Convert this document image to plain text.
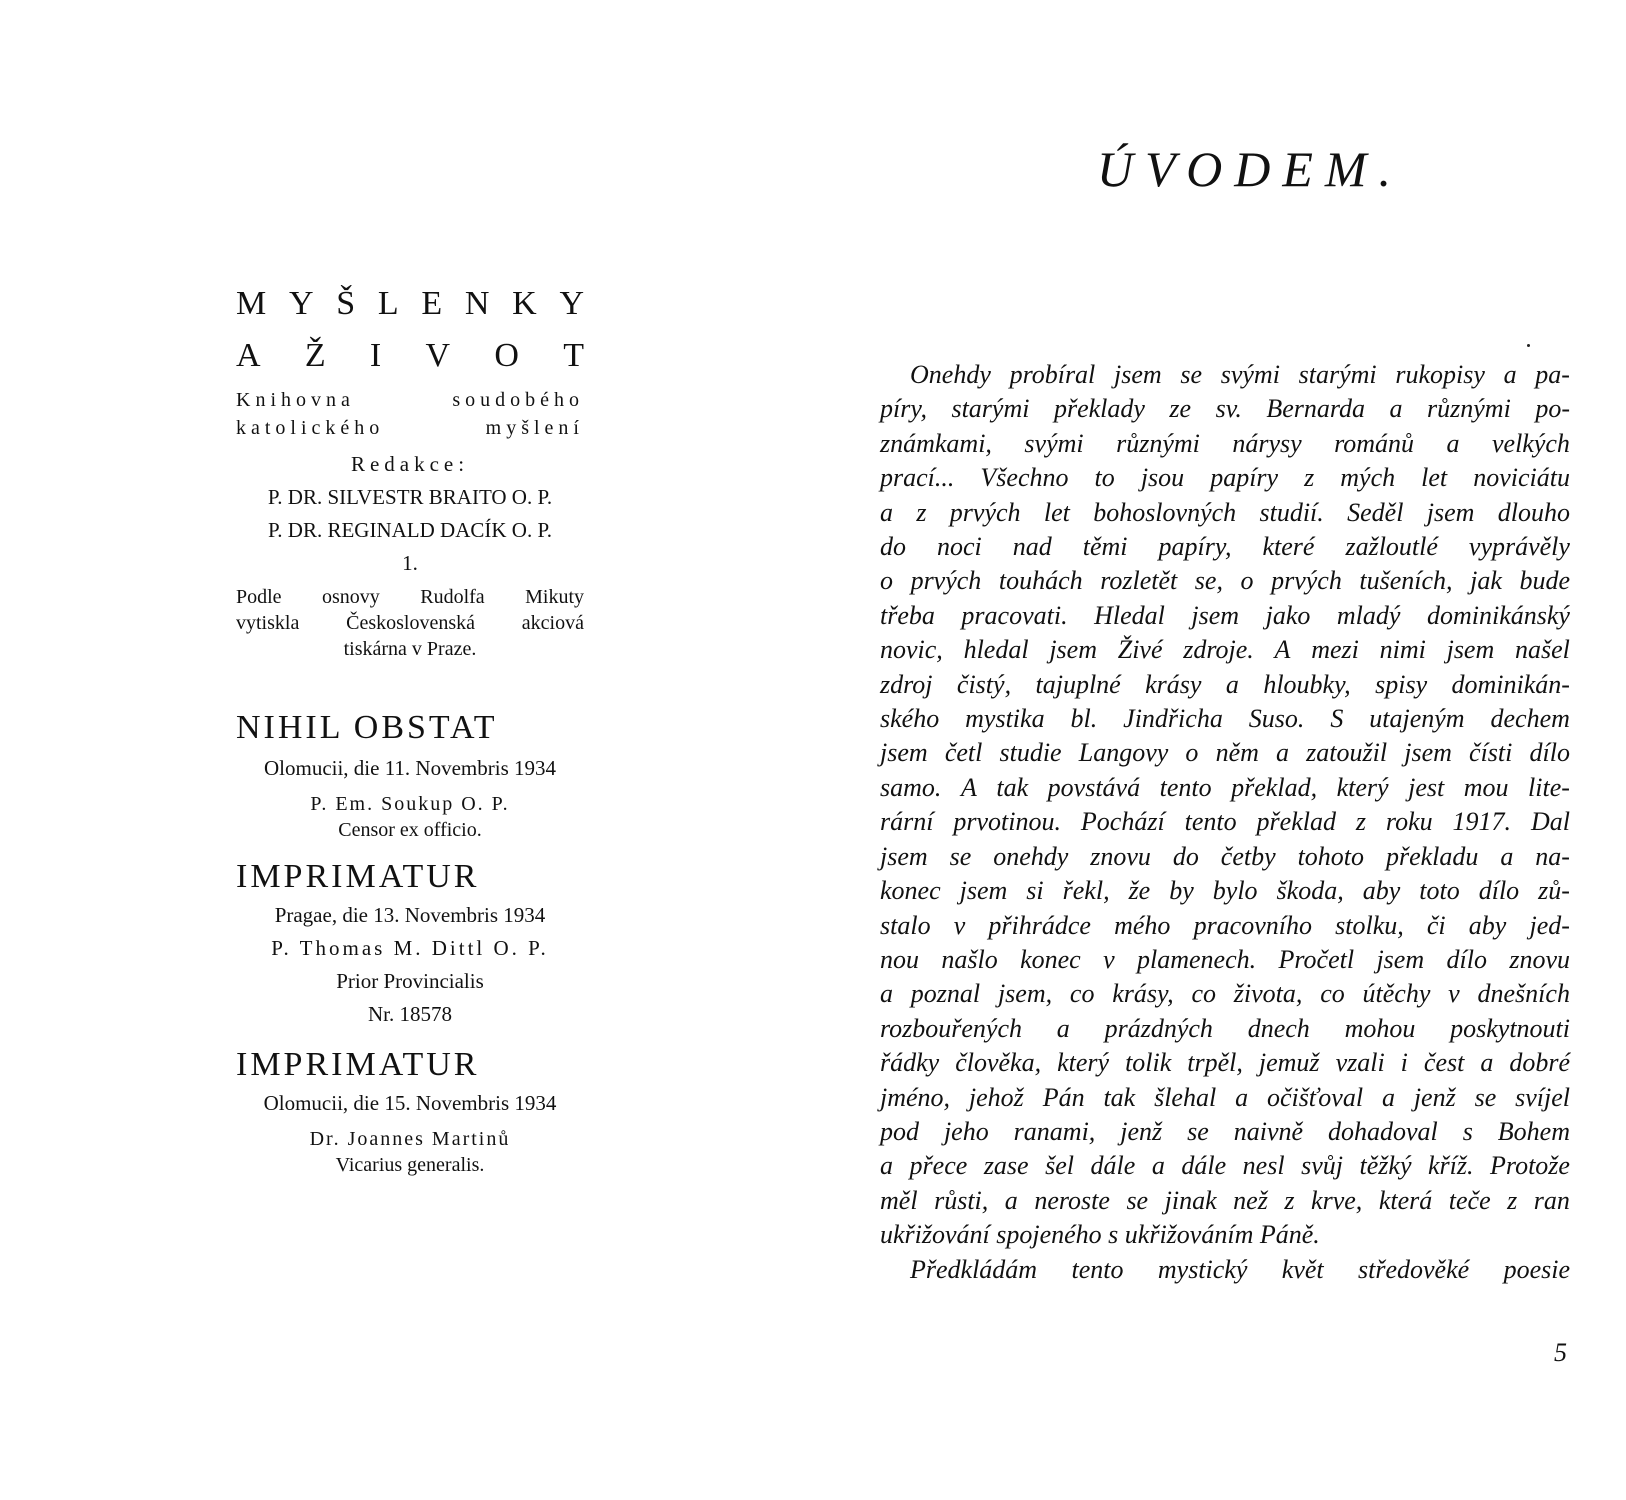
M Y Š L E N K Y
A Ž I V O T
Knihovna	soudobého
katolického	myšlení
Redakce:
P. DR. SILVESTR BRAITO O. P.
P. DR. REGINALD DACÍK O. P.
1.
Podle osnovy Rudolfa Mikuty
vytiskla Československá akciová
tiskárna v Praze.
NIHIL OBSTAT
Olomucii, die 11. Novembris 1934
P. Em. Soukup O. P.
Censor ex officio.
IMPRIMATUR
Pragae, die 13. Novembris 1934
P. Thomas M. Dittl O. P.
Prior Provincialis
Nr. 18578
IMPRIMATUR
Olomucii, die 15. Novembris 1934
Dr. Joannes Martinů
Vicarius generalis.
ÚVODEM.
Onehdy probíral jsem se svými starými rukopisy a pa-
píry, starými překlady ze sv. Bernarda a různými po-
známkami, svými různými nárysy románů a velkých
prací... Všechno to jsou papíry z mých let noviciátu
a z prvých let bohoslovných studií. Seděl jsem dlouho
do noci nad těmi papíry, které zažloutlé vyprávěly
o prvých touhách rozletět se, o prvých tušeních, jak bude
třeba pracovati. Hledal jsem jako mladý dominikánský
novic, hledal jsem Živé zdroje. A mezi nimi jsem našel
zdroj čistý, tajuplné krásy a hloubky, spisy dominikán-
ského mystika bl. Jindřicha Suso. S utajeným dechem
jsem četl studie Langovy o něm a zatoužil jsem čísti dílo
samo. A tak povstává tento překlad, který jest mou lite-
rární prvotinou. Pochází tento překlad z roku 1917. Dal
jsem se onehdy znovu do četby tohoto překladu a na-
konec jsem si řekl, že by bylo škoda, aby toto dílo zů-
stalo v přihrádce mého pracovního stolku, či aby jed-
nou našlo konec v plamenech. Pročetl jsem dílo znovu
a poznal jsem, co krásy, co života, co útěchy v dnešních
rozbouřených a prázdných dnech mohou poskytnouti
řádky člověka, který tolik trpěl, jemuž vzali i čest a dobré
jméno, jehož Pán tak šlehal a očišťoval a jenž se svíjel
pod jeho ranami, jenž se naivně dohadoval s Bohem
a přece zase šel dále a dále nesl svůj těžký kříž. Protože
měl růsti, a neroste se jinak než z krve, která teče z ran
ukřižování spojeného s ukřižováním Páně.
Předkládám tento mystický květ středověké poesie
5
